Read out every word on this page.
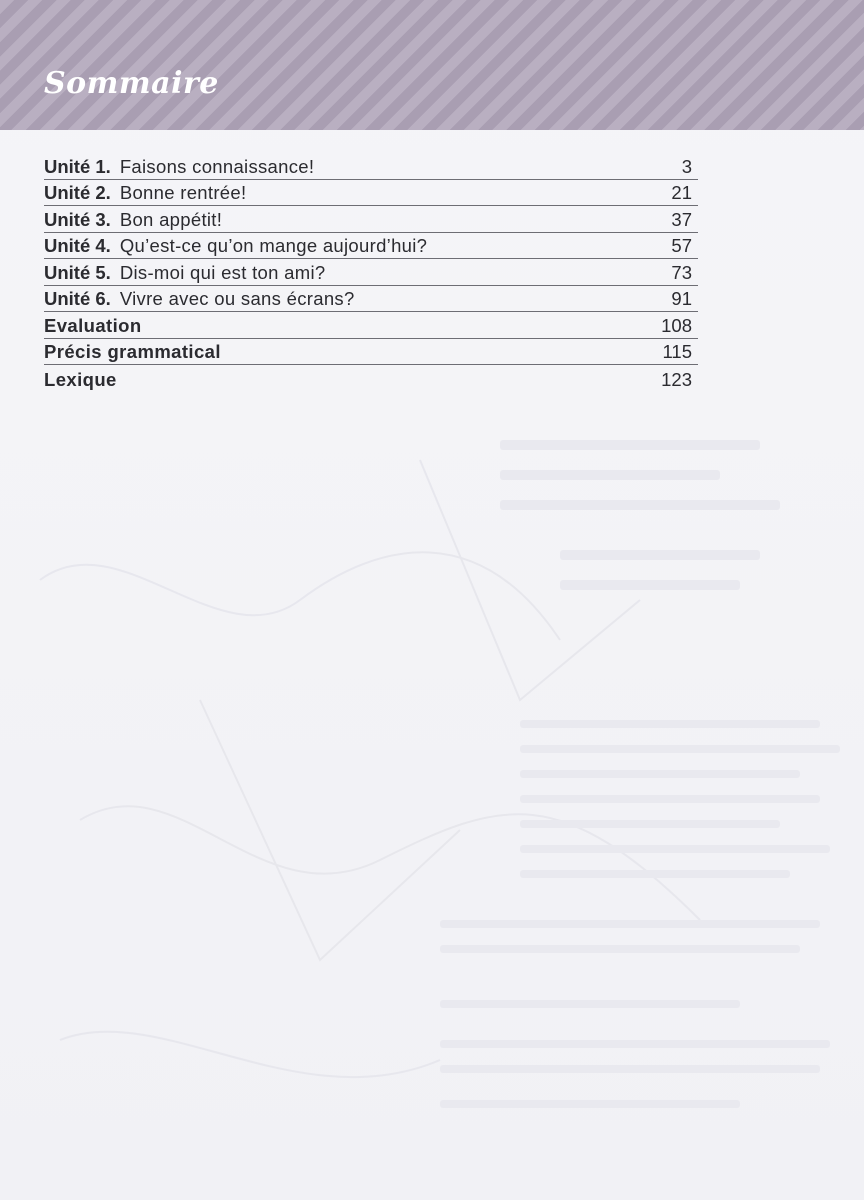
Sommaire
Unité 1. Faisons connaissance!	3
Unité 2. Bonne rentrée!	21
Unité 3. Bon appétit!	37
Unité 4. Qu’est-ce qu’on mange aujourd’hui?	57
Unité 5. Dis-moi qui est ton ami?	73
Unité 6. Vivre avec ou sans écrans?	91
Evaluation	108
Précis grammatical	115
Lexique	123
